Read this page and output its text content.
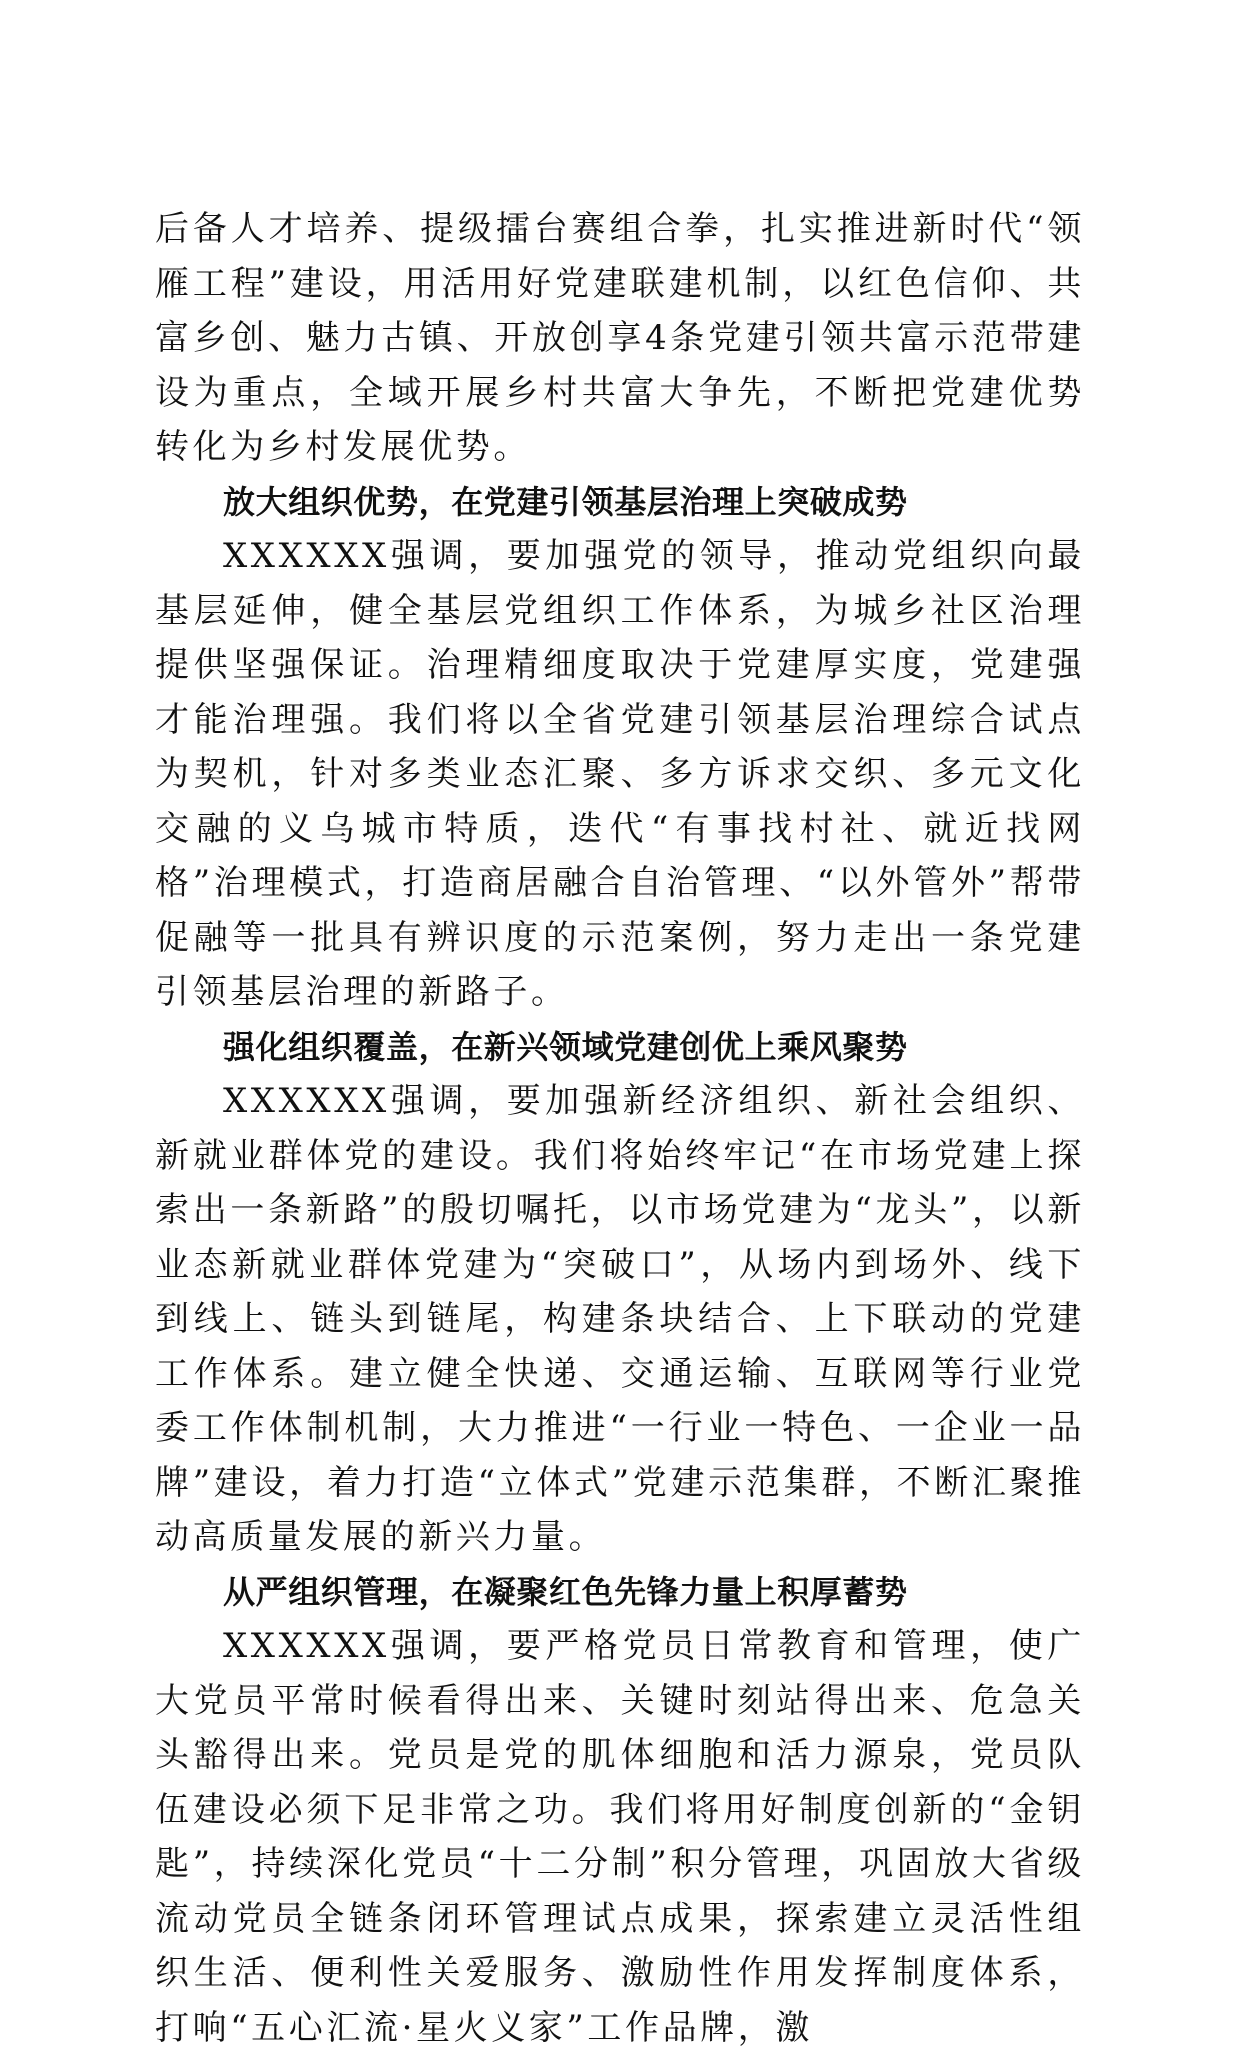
后备人才培养、提级擂台赛组合拳，扎实推进新时代“领雁工程”建设，用活用好党建联建机制，以红色信仰、共富乡创、魅力古镇、开放创享4条党建引领共富示范带建设为重点，全域开展乡村共富大争先，不断把党建优势转化为乡村发展优势。

放大组织优势，在党建引领基层治理上突破成势

XXXXXX强调，要加强党的领导，推动党组织向最基层延伸，健全基层党组织工作体系，为城乡社区治理提供坚强保证。治理精细度取决于党建厚实度，党建强才能治理强。我们将以全省党建引领基层治理综合试点为契机，针对多类业态汇聚、多方诉求交织、多元文化交融的义乌城市特质，迭代“有事找村社、就近找网格”治理模式，打造商居融合自治管理、“以外管外”帮带促融等一批具有辨识度的示范案例，努力走出一条党建引领基层治理的新路子。

强化组织覆盖，在新兴领域党建创优上乘风聚势

XXXXXX强调，要加强新经济组织、新社会组织、新就业群体党的建设。我们将始终牢记“在市场党建上探索出一条新路”的殷切嘱托，以市场党建为“龙头”，以新业态新就业群体党建为“突破口”，从场内到场外、线下到线上、链头到链尾，构建条块结合、上下联动的党建工作体系。建立健全快递、交通运输、互联网等行业党委工作体制机制，大力推进“一行业一特色、一企业一品牌”建设，着力打造“立体式”党建示范集群，不断汇聚推动高质量发展的新兴力量。

从严组织管理，在凝聚红色先锋力量上积厚蓄势

XXXXXX强调，要严格党员日常教育和管理，使广大党员平常时候看得出来、关键时刻站得出来、危急关头豁得出来。党员是党的肌体细胞和活力源泉，党员队伍建设必须下足非常之功。我们将用好制度创新的“金钥匙”，持续深化党员“十二分制”积分管理，巩固放大省级流动党员全链条闭环管理试点成果，探索建立灵活性组织生活、便利性关爱服务、激励性作用发挥制度体系，打响“五心汇流·星火义家”工作品牌，激
